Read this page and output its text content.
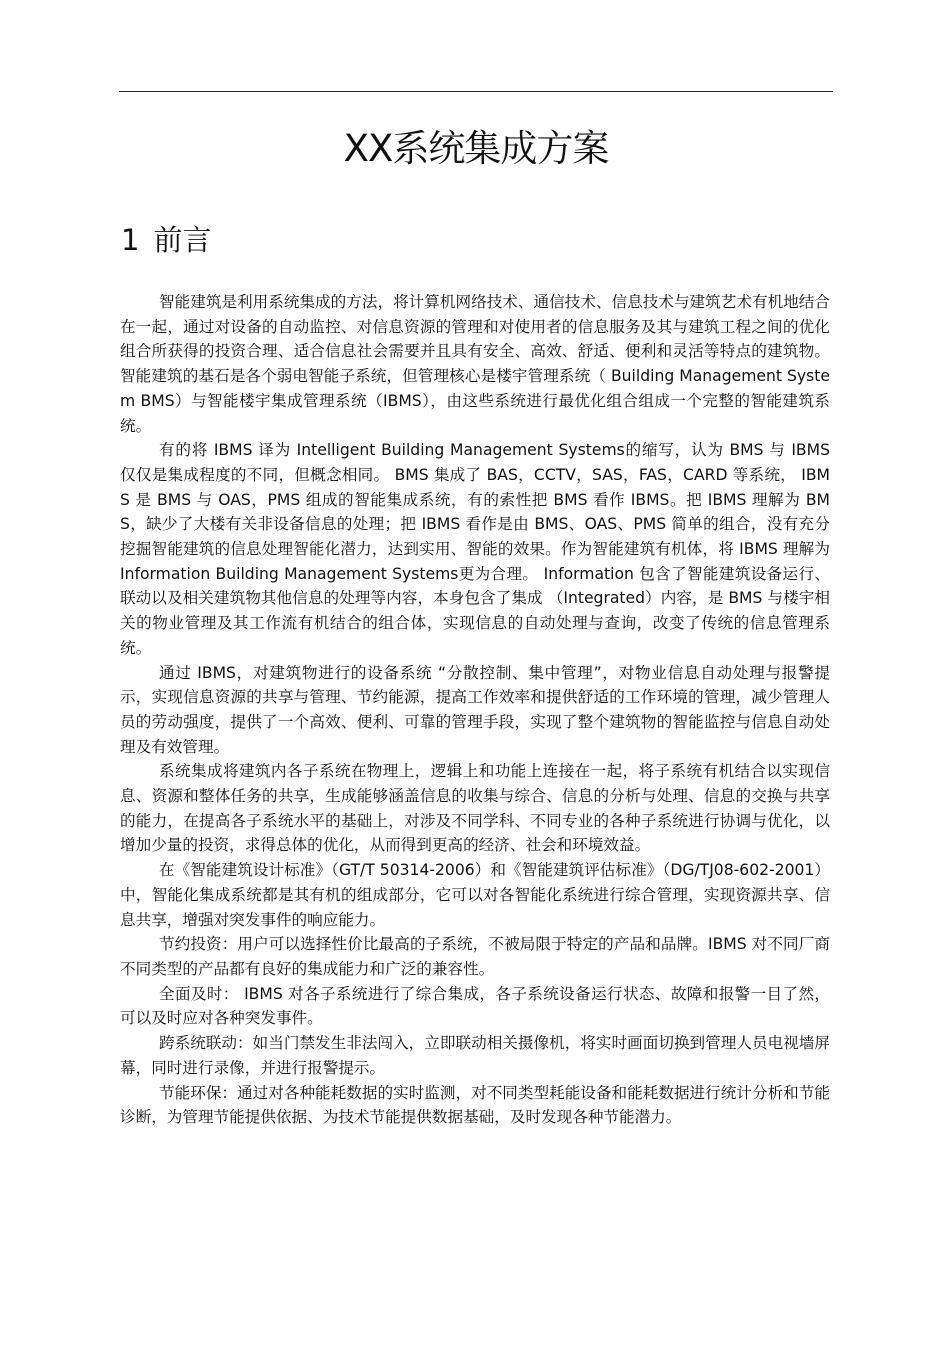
XX系统集成方案
1 前言

智能建筑是利用系统集成的方法，将计算机网络技术、通信技术、信息技术与建筑艺术有机地结合在一起，通过对设备的自动监控、对信息资源的管理和对使用者的信息服务及其与建筑工程之间的优化组合所获得的投资合理、适合信息社会需要并且具有安全、高效、舒适、便利和灵活等特点的建筑物。智能建筑的基石是各个弱电智能子系统，但管理核心是楼宇管理系统（ Building Management System BMS）与智能楼宇集成管理系统（IBMS），由这些系统进行最优化组合组成一个完整的智能建筑系统。

有的将 IBMS 译为 Intelligent Building Management Systems的缩写，认为 BMS 与 IBMS 仅仅是集成程度的不同，但概念相同。 BMS 集成了 BAS，CCTV，SAS，FAS，CARD 等系统， IBMS 是 BMS 与 OAS，PMS 组成的智能集成系统，有的索性把 BMS 看作 IBMS。把 IBMS 理解为 BMS，缺少了大楼有关非设备信息的处理；把 IBMS 看作是由 BMS、OAS、PMS 简单的组合，没有充分挖掘智能建筑的信息处理智能化潜力，达到实用、智能的效果。作为智能建筑有机体，将 IBMS 理解为 Information Building Management Systems更为合理。 Information 包含了智能建筑设备运行、联动以及相关建筑物其他信息的处理等内容，本身包含了集成 （Integrated）内容，是 BMS 与楼宇相关的物业管理及其工作流有机结合的组合体，实现信息的自动处理与查询，改变了传统的信息管理系统。

通过 IBMS，对建筑物进行的设备系统 “分散控制、集中管理”，对物业信息自动处理与报警提示，实现信息资源的共享与管理、节约能源，提高工作效率和提供舒适的工作环境的管理，减少管理人员的劳动强度，提供了一个高效、便利、可靠的管理手段，实现了整个建筑物的智能监控与信息自动处理及有效管理。

系统集成将建筑内各子系统在物理上，逻辑上和功能上连接在一起，将子系统有机结合以实现信息、资源和整体任务的共享，生成能够涵盖信息的收集与综合、信息的分析与处理、信息的交换与共享的能力，在提高各子系统水平的基础上，对涉及不同学科、不同专业的各种子系统进行协调与优化，以增加少量的投资，求得总体的优化，从而得到更高的经济、社会和环境效益。

在《智能建筑设计标准》（GT/T 50314-2006）和《智能建筑评估标准》（DG/TJ08-602-2001）中，智能化集成系统都是其有机的组成部分，它可以对各智能化系统进行综合管理，实现资源共享、信息共享，增强对突发事件的响应能力。

节约投资：用户可以选择性价比最高的子系统，不被局限于特定的产品和品牌。IBMS 对不同厂商不同类型的产品都有良好的集成能力和广泛的兼容性。

全面及时： IBMS 对各子系统进行了综合集成，各子系统设备运行状态、故障和报警一目了然，可以及时应对各种突发事件。

跨系统联动：如当门禁发生非法闯入，立即联动相关摄像机，将实时画面切换到管理人员电视墙屏幕，同时进行录像，并进行报警提示。

节能环保：通过对各种能耗数据的实时监测，对不同类型耗能设备和能耗数据进行统计分析和节能诊断，为管理节能提供依据、为技术节能提供数据基础，及时发现各种节能潜力。
